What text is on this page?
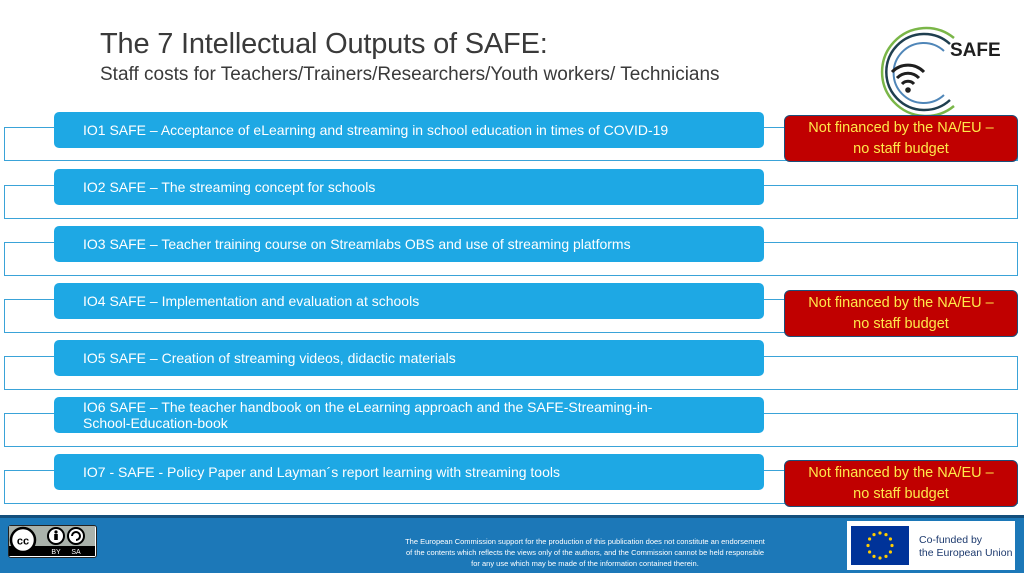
The 7 Intellectual Outputs of SAFE:
Staff costs for Teachers/Trainers/Researchers/Youth workers/ Technicians
SAFE
IO1 SAFE – Acceptance of eLearning and streaming in school education in times of COVID-19	Not financed by the NA/EU –
no staff budget
IO2 SAFE – The streaming concept for schools
IO3 SAFE – Teacher training course on Streamlabs OBS and use of streaming platforms
IO4 SAFE – Implementation and evaluation at schools	Not financed by the NA/EU –
no staff budget
IO5 SAFE – Creation of streaming videos, didactic materials
IO6 SAFE – The teacher handbook on the eLearning approach and the SAFE-Streaming-in-
School-Education-book
IO7 - SAFE - Policy Paper and Layman´s report learning with streaming tools	Not financed by the NA/EU –
no staff budget
cc
BY SA
The European Commission support for the production of this publication does not constitute an endorsement
of the contents which reflects the views only of the authors, and the Commission cannot be held responsible
for any use which may be made of the information contained therein.
Co-funded by
the European Union
